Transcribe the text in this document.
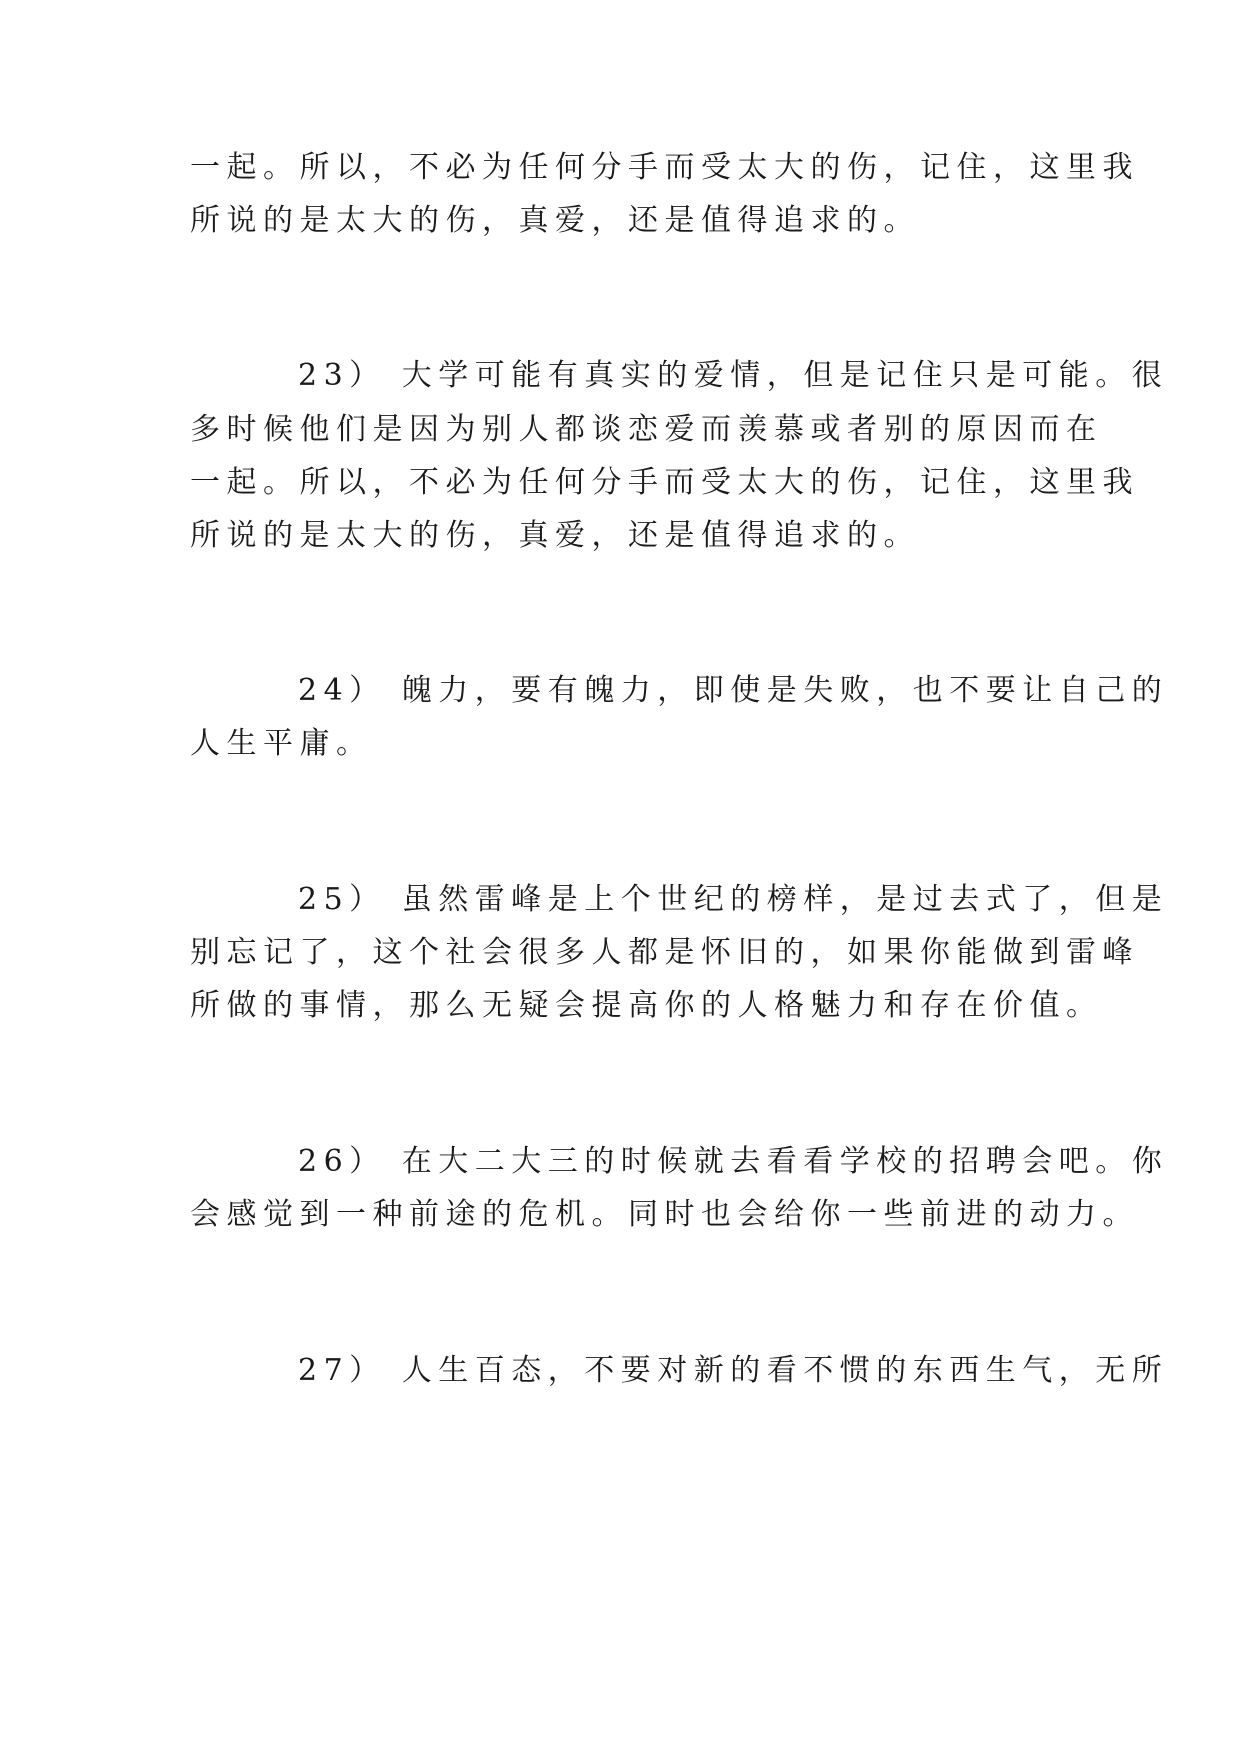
一起。所以，不必为任何分手而受太大的伤，记住，这里我
所说的是太大的伤，真爱，还是值得追求的。
23） 大学可能有真实的爱情，但是记住只是可能。很
多时候他们是因为别人都谈恋爱而羡慕或者别的原因而在
一起。所以，不必为任何分手而受太大的伤，记住，这里我
所说的是太大的伤，真爱，还是值得追求的。
24） 魄力，要有魄力，即使是失败，也不要让自己的
人生平庸。
25） 虽然雷峰是上个世纪的榜样，是过去式了，但是
别忘记了，这个社会很多人都是怀旧的，如果你能做到雷峰
所做的事情，那么无疑会提高你的人格魅力和存在价值。
26） 在大二大三的时候就去看看学校的招聘会吧。你
会感觉到一种前途的危机。同时也会给你一些前进的动力。
27） 人生百态，不要对新的看不惯的东西生气，无所
